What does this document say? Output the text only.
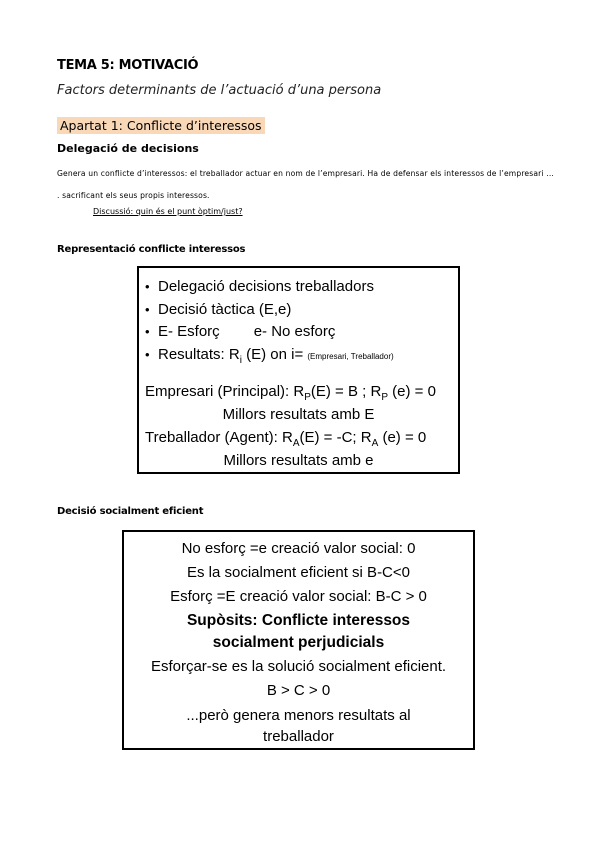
TEMA 5: MOTIVACIÓ
Factors determinants de l’actuació d’una persona
Apartat 1: Conflicte d’interessos
Delegació de decisions
Genera un conflicte d’interessos: el treballador actuar en nom de l’empresari. Ha de defensar els interessos de l’empresari ... . sacrificant els seus propis interessos.
Discussió: quin és el punt òptim/just?
Representació conflicte interessos
• Delegació decisions treballadors
• Decisió tàctica (E,e)
• E- Esforç e- No esforç
• Resultats: $R_i$ (E) on i= (Empresari, Treballador)
Empresari (Principal): $R_P(E) = B$ ; $R_P$ (e) = 0
Millors resultats amb E
Treballador (Agent): $R_A(E) = -C$; $R_A$ (e) = 0
Millors resultats amb e
Decisió socialment eficient
No esforç =e creació valor social: 0
Es la socialment eficient si B-C<0
Esforç =E creació valor social: B-C > 0
Supòsits: Conflicte interessos
socialment perjudicials
Esforçar-se es la solució socialment eficient.
B > C > 0
...però genera menors resultats al
treballador
